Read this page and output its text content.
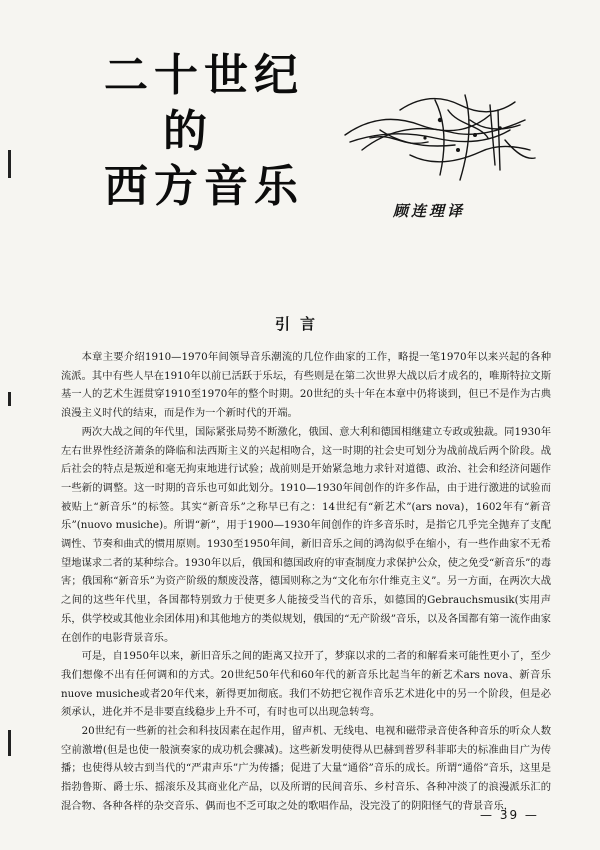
二十世纪
的
西方音乐	顾连理译
引言

本章主要介绍1910—1970年间领导音乐潮流的几位作曲家的工作，略提一笔1970年以来兴起的各种流派。其中有些人早在1910年以前已活跃于乐坛，有些则是在第二次世界大战以后才成名的，唯斯特拉文斯基一人的艺术生涯贯穿1910至1970年的整个时期。20世纪的头十年在本章中仍将谈到，但已不是作为古典浪漫主义时代的结束，而是作为一个新时代的开端。

两次大战之间的年代里，国际紧张局势不断激化，俄国、意大利和德国相继建立专政或独裁。同1930年左右世界性经济萧条的降临和法西斯主义的兴起相吻合，这一时期的社会史可划分为战前战后两个阶段。战后社会的特点是叛逆和毫无拘束地进行试验；战前则是开始紧急地力求针对道德、政治、社会和经济问题作一些新的调整。这一时期的音乐也可如此划分。1910—1930年间创作的许多作品，由于进行激进的试验而被贴上“新音乐”的标签。其实“新音乐”之称早已有之：14世纪有“新艺术”(ars nova)，1602年有“新音乐”(nuovo musiche)。所谓“新”，用于1900—1930年间创作的许多音乐时，是指它几乎完全抛弃了支配调性、节奏和曲式的惯用原则。1930至1950年间，新旧音乐之间的鸿沟似乎在缩小，有一些作曲家不无希望地谋求二者的某种综合。1930年以后，俄国和德国政府的审查制度力求保护公众，使之免受“新音乐”的毒害；俄国称“新音乐”为资产阶级的颓废没落，德国则称之为“文化布尔什维克主义”。另一方面，在两次大战之间的这些年代里，各国都特别致力于使更多人能接受当代的音乐，如德国的Gebrauchsmusik(实用声乐，供学校或其他业余团体用)和其他地方的类似规划，俄国的“无产阶级”音乐，以及各国都有第一流作曲家在创作的电影背景音乐。

可是，自1950年以来，新旧音乐之间的距离又拉开了，梦寐以求的二者的和解看来可能性更小了，至少我们想像不出有任何调和的方式。20世纪50年代和60年代的新音乐比起当年的新艺术ars nova、新音乐nuove musiche或者20年代来，新得更加彻底。我们不妨把它视作音乐艺术进化中的另一个阶段，但是必须承认，进化并不是非要直线稳步上升不可，有时也可以出现急转弯。

20世纪有一些新的社会和科技因素在起作用，留声机、无线电、电视和磁带录音使各种音乐的听众人数空前激增(但是也使一般演奏家的成功机会骤减)。这些新发明使得从巴赫到普罗科菲耶夫的标准曲目广为传播；也使得从较古到当代的“严肃声乐”广为传播；促进了大量“通俗”音乐的成长。所谓“通俗”音乐，这里是指勃鲁斯、爵士乐、摇滚乐及其商业化产品，以及所谓的民间音乐、乡村音乐、各种冲淡了的浪漫派乐汇的混合物、各种各样的杂交音乐、偶而也不乏可取之处的歌唱作品，没完没了的阴阳怪气的背景音乐，

— 39 —
